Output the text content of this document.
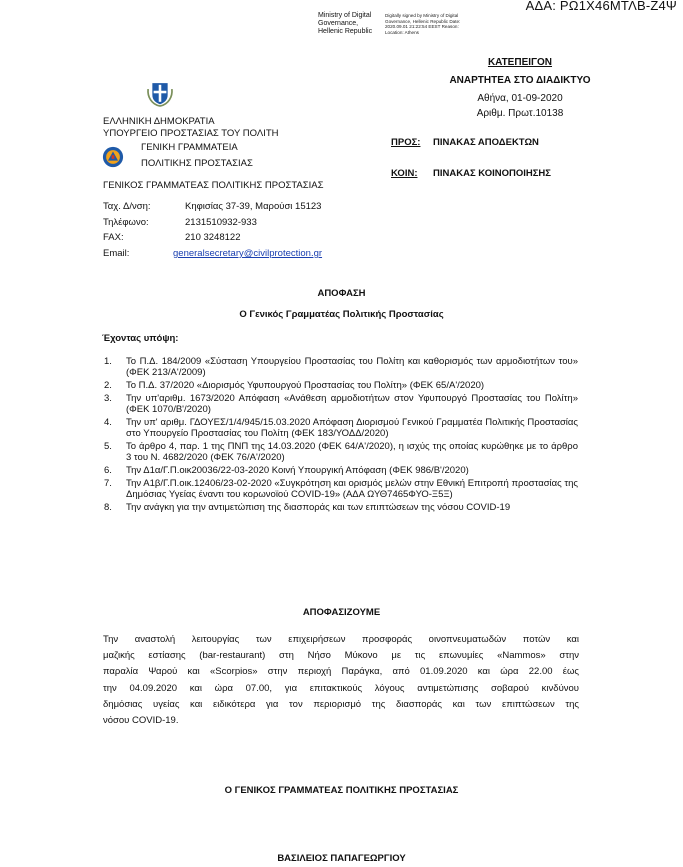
ΑΔΑ: ΡΩ1Χ46ΜΤΛΒ-Ζ4Ψ
Ministry of Digital Governance, Hellenic Republic
Digitally signed by Ministry of Digital Governance, Hellenic Republic Date: 2020.09.01 21:22:54 EEST Reason: Location: Athens
ΚΑΤΕΠΕΙΓΟΝ
ΑΝΑΡΤΗΤΕΑ ΣΤΟ ΔΙΑΔΙΚΤΥΟ
Αθήνα, 01-09-2020
Αριθμ. Πρωτ.10138
ΕΛΛΗΝΙΚΗ ΔΗΜΟΚΡΑΤΙΑ
ΥΠΟΥΡΓΕΙΟ ΠΡΟΣΤΑΣΙΑΣ ΤΟΥ ΠΟΛΙΤΗ
ΓΕΝΙΚΗ ΓΡΑΜΜΑΤΕΙΑ
ΠΟΛΙΤΙΚΗΣ ΠΡΟΣΤΑΣΙΑΣ
ΓΕΝΙΚΟΣ ΓΡΑΜΜΑΤΕΑΣ ΠΟΛΙΤΙΚΗΣ ΠΡΟΣΤΑΣΙΑΣ
ΠΡΟΣ: ΠΙΝΑΚΑΣ ΑΠΟΔΕΚΤΩΝ
ΚΟΙΝ: ΠΙΝΑΚΑΣ ΚΟΙΝΟΠΟΙΗΣΗΣ
Ταχ. Δ/νση:	Κηφισίας 37-39, Μαρούσι 15123
Τηλέφωνο:	2131510932-933
FAX:	210 3248122
Email:	generalsecretary@civilprotection.gr
ΑΠΟΦΑΣΗ
Ο Γενικός Γραμματέας Πολιτικής Προστασίας
Έχοντας υπόψη:
1.	Το Π.Δ. 184/2009 «Σύσταση Υπουργείου Προστασίας του Πολίτη και καθορισμός των αρμοδιοτήτων του» (ΦΕΚ 213/Α'/2009)
2.	Το Π.Δ. 37/2020 «Διορισμός Υφυπουργού Προστασίας του Πολίτη» (ΦΕΚ 65/Α'/2020)
3.	Την υπ'αριθμ. 1673/2020 Απόφαση «Ανάθεση αρμοδιοτήτων στον Υφυπουργό Προστασίας του Πολίτη» (ΦΕΚ 1070/Β'/2020)
4.	Την υπ' αριθμ. ΓΔΟΥΕΣ/1/4/945/15.03.2020 Απόφαση Διορισμού Γενικού Γραμματέα Πολιτικής Προστασίας στο Υπουργείο Προστασίας του Πολίτη (ΦΕΚ 183/ΥΟΔΔ/2020)
5.	Το άρθρο 4, παρ. 1 της ΠΝΠ της 14.03.2020 (ΦΕΚ 64/Α'/2020), η ισχύς της οποίας κυρώθηκε με το άρθρο 3 του Ν. 4682/2020 (ΦΕΚ 76/Α'/2020)
6.	Την Δ1α/Γ.Π.οικ20036/22-03-2020 Κοινή Υπουργική Απόφαση (ΦΕΚ 986/Β'/2020)
7.	Την Α1β/Γ.Π.οικ.12406/23-02-2020 «Συγκρότηση και ορισμός μελών στην Εθνική Επιτροπή προστασίας της Δημόσιας Υγείας έναντι του κορωνοϊού COVID-19» (ΑΔΑ ΩΥΘ7465ΦΥΟ-Ξ5Ξ)
8.	Την ανάγκη για την αντιμετώπιση της διασποράς και των επιπτώσεων της νόσου COVID-19
ΑΠΟΦΑΣΙΖΟΥΜΕ
Την αναστολή λειτουργίας των επιχειρήσεων προσφοράς οινοπνευματωδών ποτών και
μαζικής εστίασης (bar-restaurant) στη Νήσο Μύκονο με τις επωνυμίες «Nammos» στην
παραλία Ψαρού και «Scorpios» στην περιοχή Παράγκα, από 01.09.2020 και ώρα 22.00 έως
την 04.09.2020 και ώρα 07.00, για επιτακτικούς λόγους αντιμετώπισης σοβαρού κινδύνου
δημόσιας υγείας και ειδικότερα για τον περιορισμό της διασποράς και των επιπτώσεων της
νόσου COVID-19.
Ο ΓΕΝΙΚΟΣ ΓΡΑΜΜΑΤΕΑΣ ΠΟΛΙΤΙΚΗΣ ΠΡΟΣΤΑΣΙΑΣ
ΒΑΣΙΛΕΙΟΣ ΠΑΠΑΓΕΩΡΓΙΟΥ
